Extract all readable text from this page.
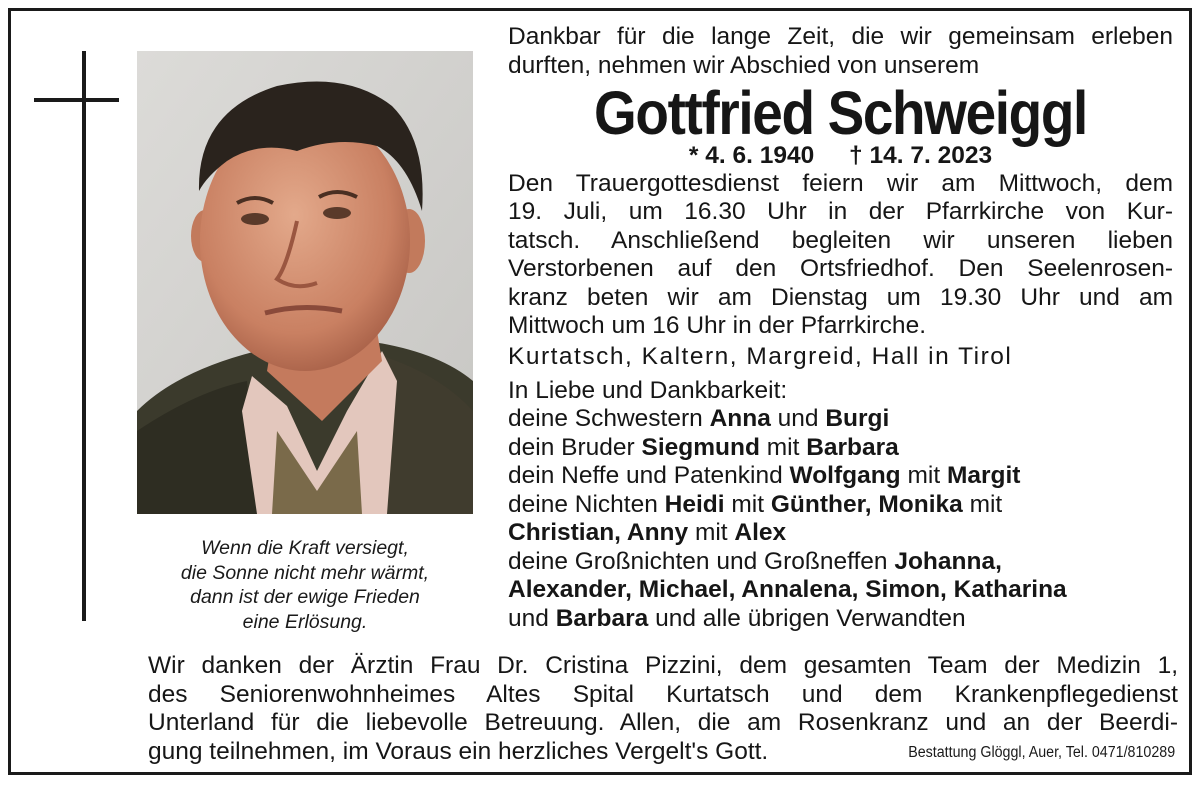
Wenn die Kraft versiegt,
die Sonne nicht mehr wärmt,
dann ist der ewige Frieden
eine Erlösung.
Dankbar für die lange Zeit, die wir gemeinsam erleben
durften, nehmen wir Abschied von unserem
Gottfried Schweiggl
* 4. 6. 1940 † 14. 7. 2023
Den Trauergottesdienst feiern wir am Mittwoch, dem
19. Juli, um 16.30 Uhr in der Pfarrkirche von Kur-
tatsch. Anschließend begleiten wir unseren lieben
Verstorbenen auf den Ortsfriedhof. Den Seelenrosen-
kranz beten wir am Dienstag um 19.30 Uhr und am
Mittwoch um 16 Uhr in der Pfarrkirche.
Kurtatsch, Kaltern, Margreid, Hall in Tirol
In Liebe und Dankbarkeit:
deine Schwestern Anna und Burgi
dein Bruder Siegmund mit Barbara
dein Neffe und Patenkind Wolfgang mit Margit
deine Nichten Heidi mit Günther, Monika mit
Christian, Anny mit Alex
deine Großnichten und Großneffen Johanna,
Alexander, Michael, Annalena, Simon, Katharina
und Barbara und alle übrigen Verwandten
Wir danken der Ärztin Frau Dr. Cristina Pizzini, dem gesamten Team der Medizin 1,
des Seniorenwohnheimes Altes Spital Kurtatsch und dem Krankenpflegedienst
Unterland für die liebevolle Betreuung. Allen, die am Rosenkranz und an der Beerdi-
gung teilnehmen, im Voraus ein herzliches Vergelt's Gott.	Bestattung Glöggl, Auer, Tel. 0471/810289
